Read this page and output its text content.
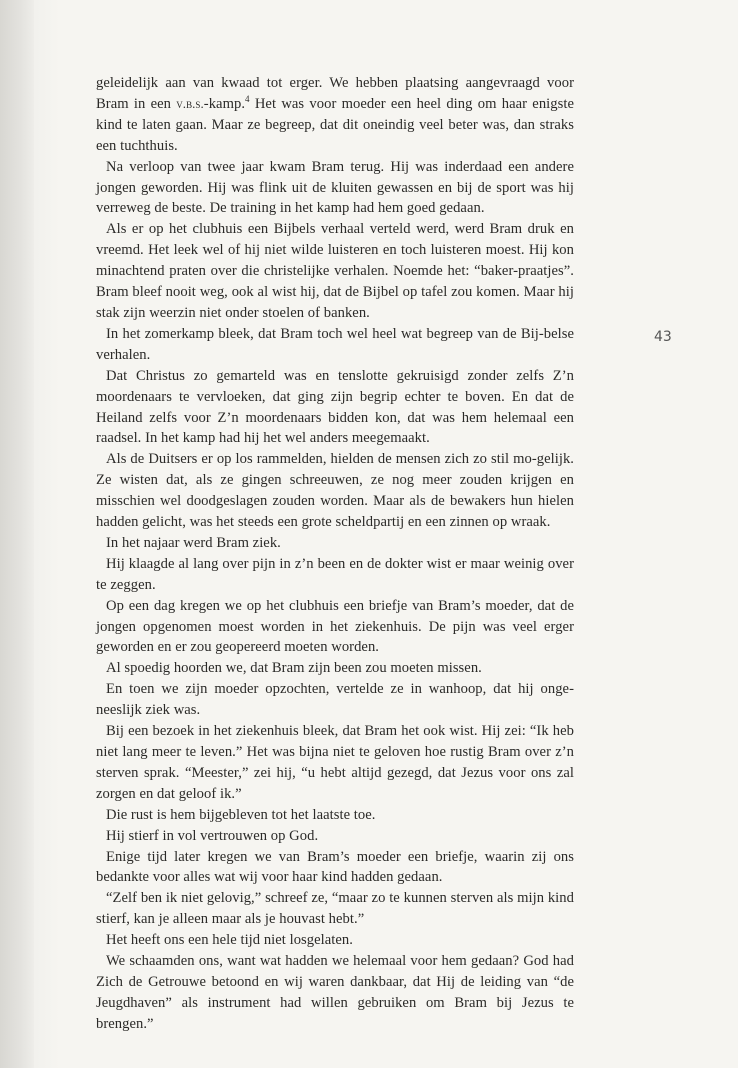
geleidelijk aan van kwaad tot erger. We hebben plaatsing aangevraagd voor Bram in een v.b.s.-kamp.$^4$ Het was voor moeder een heel ding om haar enigste kind te laten gaan. Maar ze begreep, dat dit oneindig veel beter was, dan straks een tuchthuis.

Na verloop van twee jaar kwam Bram terug. Hij was inderdaad een andere jongen geworden. Hij was flink uit de kluiten gewassen en bij de sport was hij verreweg de beste. De training in het kamp had hem goed gedaan.

Als er op het clubhuis een Bijbels verhaal verteld werd, werd Bram druk en vreemd. Het leek wel of hij niet wilde luisteren en toch luisteren moest. Hij kon minachtend praten over die christelijke verhalen. Noemde het: “baker-praatjes”. Bram bleef nooit weg, ook al wist hij, dat de Bijbel op tafel zou komen. Maar hij stak zijn weerzin niet onder stoelen of banken.

In het zomerkamp bleek, dat Bram toch wel heel wat begreep van de Bij-belse verhalen.

Dat Christus zo gemarteld was en tenslotte gekruisigd zonder zelfs Z’n moordenaars te vervloeken, dat ging zijn begrip echter te boven. En dat de Heiland zelfs voor Z’n moordenaars bidden kon, dat was hem helemaal een raadsel. In het kamp had hij het wel anders meegemaakt.

Als de Duitsers er op los rammelden, hielden de mensen zich zo stil mo-gelijk. Ze wisten dat, als ze gingen schreeuwen, ze nog meer zouden krijgen en misschien wel doodgeslagen zouden worden. Maar als de bewakers hun hielen hadden gelicht, was het steeds een grote scheldpartij en een zinnen op wraak.

In het najaar werd Bram ziek.

Hij klaagde al lang over pijn in z’n been en de dokter wist er maar weinig over te zeggen.

Op een dag kregen we op het clubhuis een briefje van Bram’s moeder, dat de jongen opgenomen moest worden in het ziekenhuis. De pijn was veel erger geworden en er zou geopereerd moeten worden.

Al spoedig hoorden we, dat Bram zijn been zou moeten missen.

En toen we zijn moeder opzochten, vertelde ze in wanhoop, dat hij onge-neeslijk ziek was.

Bij een bezoek in het ziekenhuis bleek, dat Bram het ook wist. Hij zei: “Ik heb niet lang meer te leven.” Het was bijna niet te geloven hoe rustig Bram over z’n sterven sprak. “Meester,” zei hij, “u hebt altijd gezegd, dat Jezus voor ons zal zorgen en dat geloof ik.”

Die rust is hem bijgebleven tot het laatste toe.

Hij stierf in vol vertrouwen op God.

Enige tijd later kregen we van Bram’s moeder een briefje, waarin zij ons bedankte voor alles wat wij voor haar kind hadden gedaan.

“Zelf ben ik niet gelovig,” schreef ze, “maar zo te kunnen sterven als mijn kind stierf, kan je alleen maar als je houvast hebt.”

Het heeft ons een hele tijd niet losgelaten.

We schaamden ons, want wat hadden we helemaal voor hem gedaan? God had Zich de Getrouwe betoond en wij waren dankbaar, dat Hij de leiding van “de Jeugdhaven” als instrument had willen gebruiken om Bram bij Jezus te brengen.”

43
